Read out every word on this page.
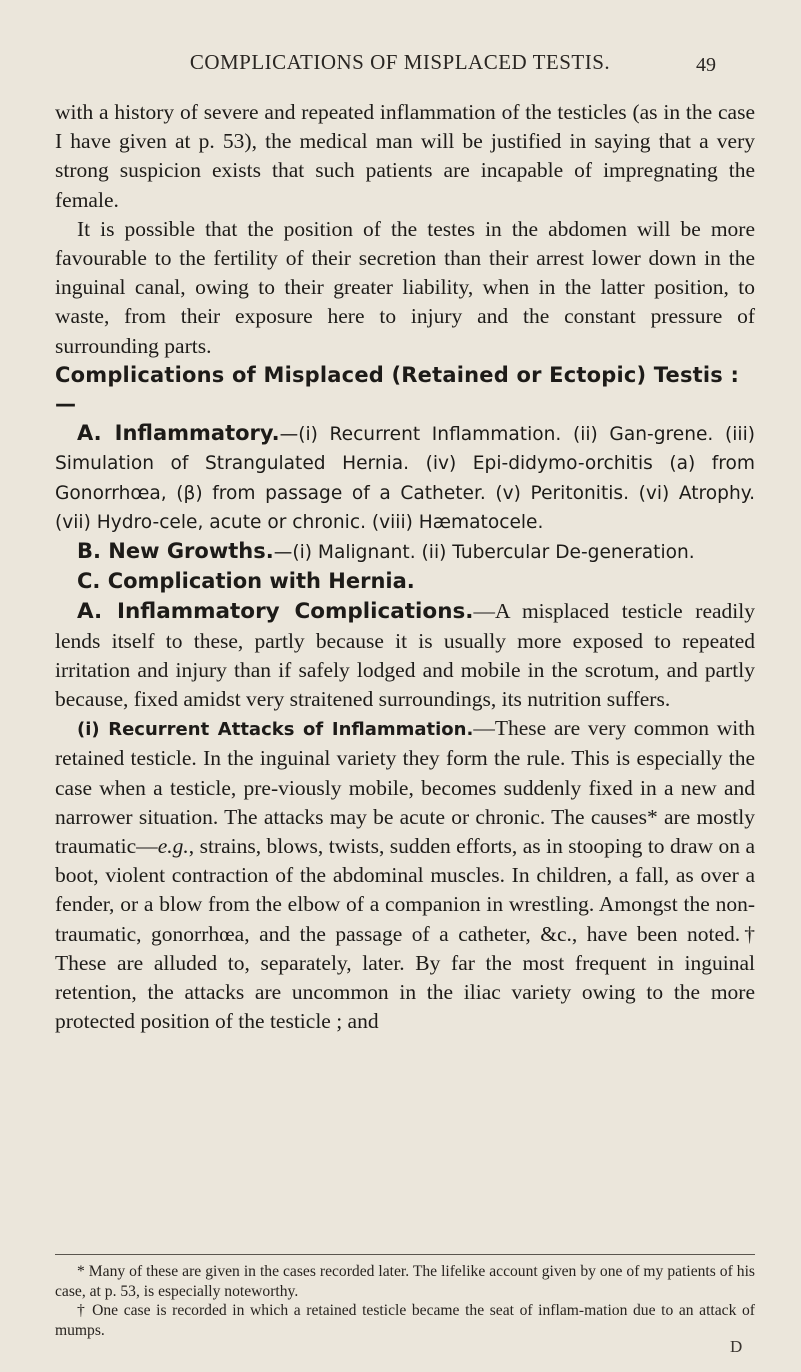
COMPLICATIONS OF MISPLACED TESTIS.	49

with a history of severe and repeated inflammation of the testicles (as in the case I have given at p. 53), the medical man will be justified in saying that a very strong suspicion exists that such patients are incapable of impregnating the female.

It is possible that the position of the testes in the abdomen will be more favourable to the fertility of their secretion than their arrest lower down in the inguinal canal, owing to their greater liability, when in the latter position, to waste, from their exposure here to injury and the constant pressure of surrounding parts.

Complications of Misplaced (Retained or Ectopic) Testis :—

A. Inflammatory.—(i) Recurrent Inflammation. (ii) Gan-grene. (iii) Simulation of Strangulated Hernia. (iv) Epi-didymo-orchitis (a) from Gonorrhœa, (β) from passage of a Catheter. (v) Peritonitis. (vi) Atrophy. (vii) Hydro-cele, acute or chronic. (viii) Hæmatocele.

B. New Growths.—(i) Malignant. (ii) Tubercular De-generation.

C. Complication with Hernia.

A. Inflammatory Complications.—A misplaced testicle readily lends itself to these, partly because it is usually more exposed to repeated irritation and injury than if safely lodged and mobile in the scrotum, and partly because, fixed amidst very straitened surroundings, its nutrition suffers.

(i) Recurrent Attacks of Inflammation.—These are very common with retained testicle. In the inguinal variety they form the rule. This is especially the case when a testicle, pre-viously mobile, becomes suddenly fixed in a new and narrower situation. The attacks may be acute or chronic. The causes* are mostly traumatic—e.g., strains, blows, twists, sudden efforts, as in stooping to draw on a boot, violent contraction of the abdominal muscles. In children, a fall, as over a fender, or a blow from the elbow of a companion in wrestling. Amongst the non-traumatic, gonorrhœa, and the passage of a catheter, &c., have been noted.† These are alluded to, separately, later. By far the most frequent in inguinal retention, the attacks are uncommon in the iliac variety owing to the more protected position of the testicle ; and

* Many of these are given in the cases recorded later. The lifelike account given by one of my patients of his case, at p. 53, is especially noteworthy.

† One case is recorded in which a retained testicle became the seat of inflam-mation due to an attack of mumps.

D
